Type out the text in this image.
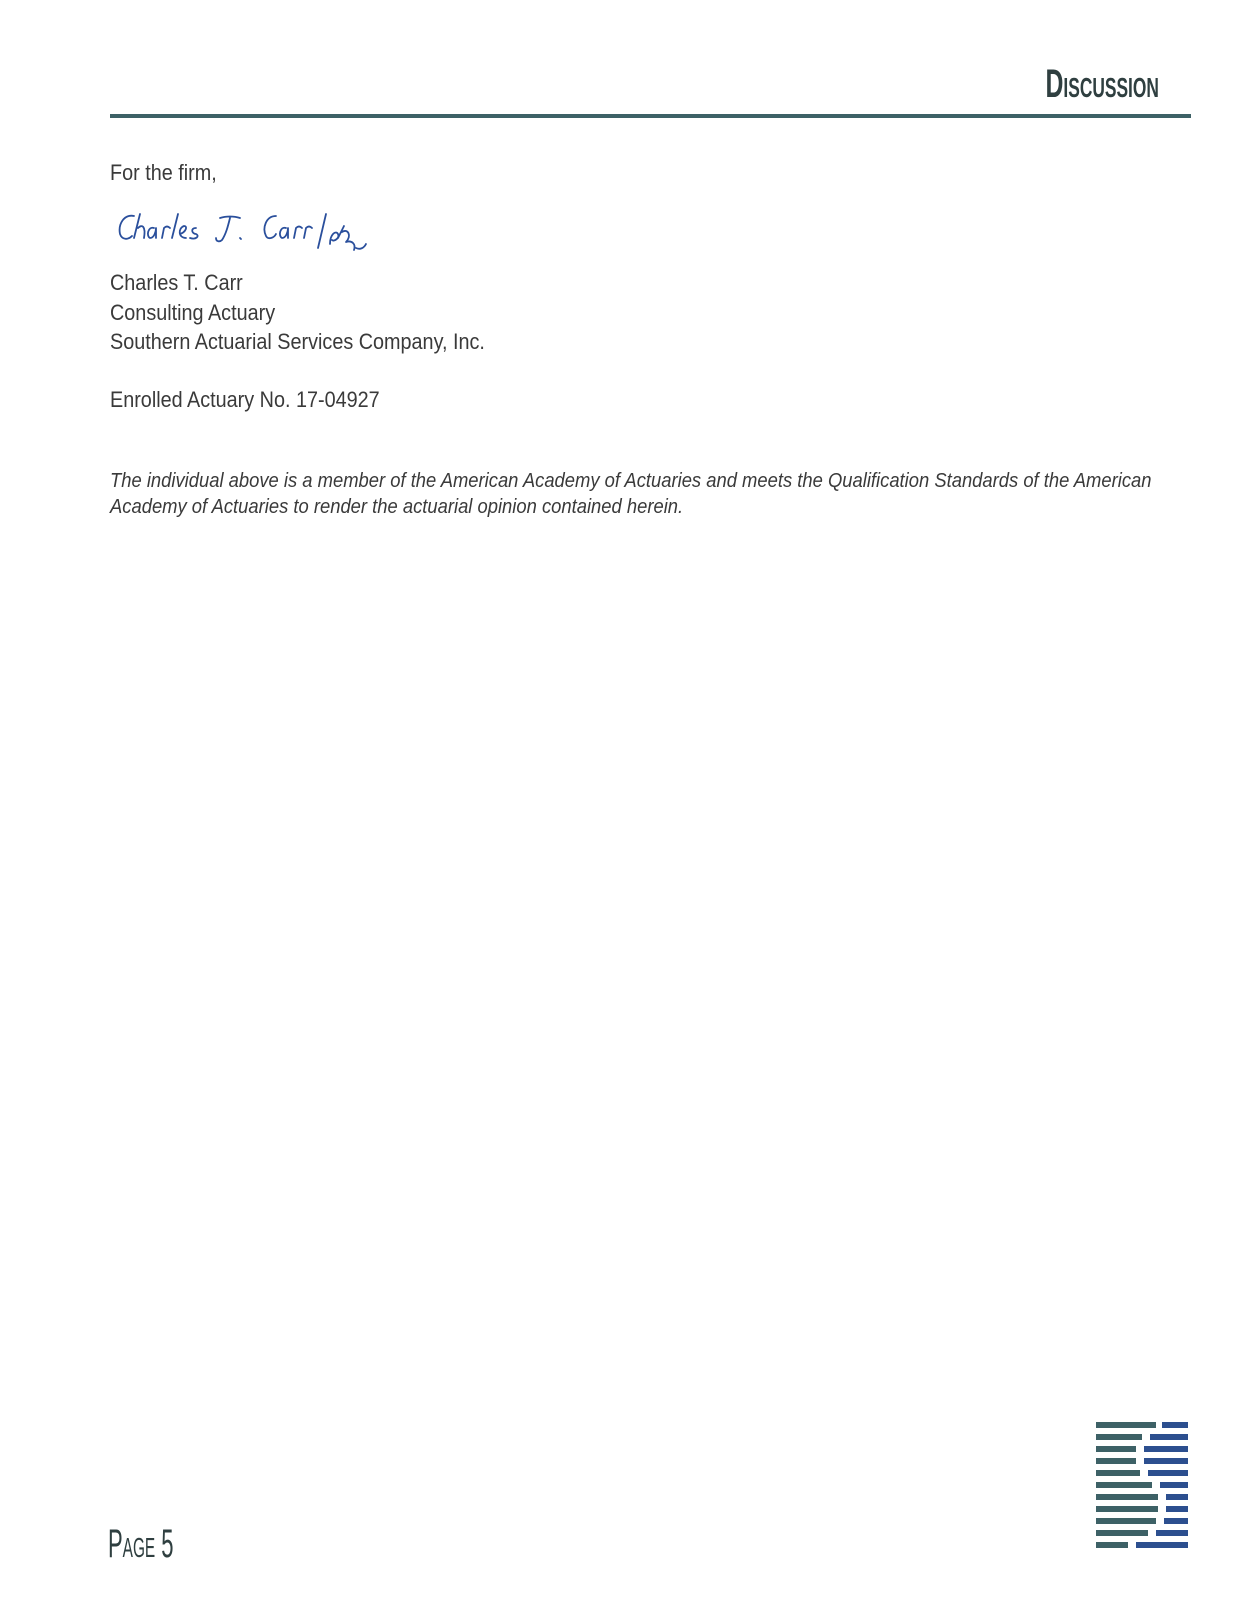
Discussion
For the firm,
Charles T. Carr
Consulting Actuary
Southern Actuarial Services Company, Inc.
Enrolled Actuary No. 17-04927
The individual above is a member of the American Academy of Actuaries and meets the Qualification Standards of the American
Academy of Actuaries to render the actuarial opinion contained herein.
Page 5
